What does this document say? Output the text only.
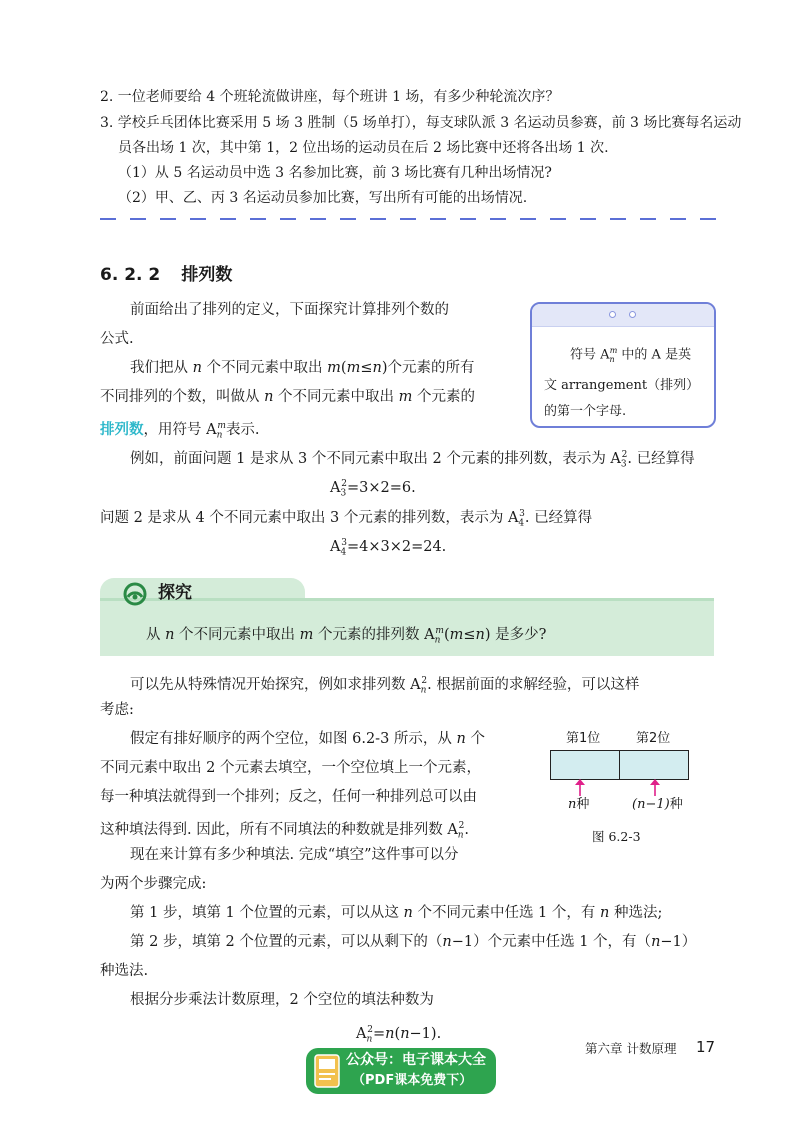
2. 一位老师要给 4 个班轮流做讲座，每个班讲 1 场，有多少种轮流次序？
3. 学校乒乓团体比赛采用 5 场 3 胜制（5 场单打），每支球队派 3 名运动员参赛，前 3 场比赛每名运动
员各出场 1 次，其中第 1，2 位出场的运动员在后 2 场比赛中还将各出场 1 次.
（1）从 5 名运动员中选 3 名参加比赛，前 3 场比赛有几种出场情况?
（2）甲、乙、丙 3 名运动员参加比赛，写出所有可能的出场情况.
6. 2. 2 排列数
前面给出了排列的定义，下面探究计算排列个数的
公式.
我们把从 n 个不同元素中取出 m(m≤n)个元素的所有
不同排列的个数，叫做从 n 个不同元素中取出 m 个元素的
排列数，用符号 $A_n^m$表示.
符号 $A_n^m$ 中的 A 是英
文 arrangement（排列）
的第一个字母.
例如，前面问题 1 是求从 3 个不同元素中取出 2 个元素的排列数，表示为 $A_3^2$. 已经算得
$A_3^2=3\times 2=6$.
问题 2 是求从 4 个不同元素中取出 3 个元素的排列数，表示为 $A_4^3$. 已经算得
$A_4^3=4\times 3\times 2=24$.
探究
从 n 个不同元素中取出 m 个元素的排列数 $A_n^m(m\le n)$ 是多少?
可以先从特殊情况开始探究，例如求排列数 $A_n^2$. 根据前面的求解经验，可以这样
考虑:
假定有排好顺序的两个空位，如图 6.2-3 所示，从 n 个
不同元素中取出 2 个元素去填空，一个空位填上一个元素，
每一种填法就得到一个排列；反之，任何一种排列总可以由
这种填法得到. 因此，所有不同填法的种数就是排列数 $A_n^2$.
现在来计算有多少种填法. 完成“填空”这件事可以分
为两个步骤完成:
第 1 步，填第 1 个位置的元素，可以从这 n 个不同元素中任选 1 个，有 n 种选法;
第 2 步，填第 2 个位置的元素，可以从剩下的（n−1）个元素中任选 1 个，有（n−1）
种选法.
根据分步乘法计数原理，2 个空位的填法种数为
$A_n^2=n(n-1)$.
第1位	第2位
n种	(n−1)种
图 6.2-3
第六章 计数原理 17
公众号：电子课本大全
（PDF课本免费下）
